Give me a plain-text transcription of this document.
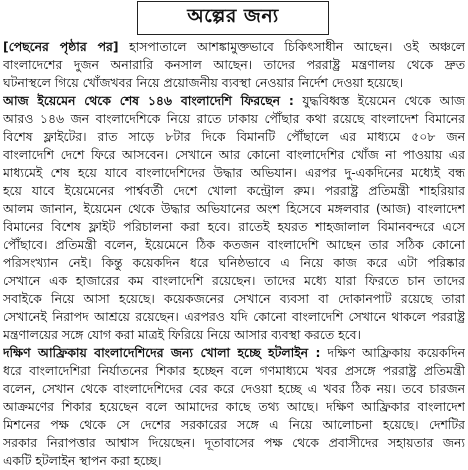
অল্পের জন্য
[পেছনের পৃষ্ঠার পর] হাসপাতালে আশঙ্কামুক্তভাবে চিকিৎসাধীন আছেন। ওই অঞ্চলে
বাংলাদেশের দুজন অনারারি কনসাল আছেন। তাদের পররাষ্ট্র মন্ত্রণালয় থেকে দ্রুত
ঘটনাস্থলে গিয়ে খোঁজখবর নিয়ে প্রয়োজনীয় ব্যবস্থা নেওয়ার নির্দেশ দেওয়া হয়েছে।
আজ ইয়েমেন থেকে শেষ ১৪৬ বাংলাদেশি ফিরছেন : যুদ্ধবিধ্বস্ত ইয়েমেন থেকে আজ
আরও ১৪৬ জন বাংলাদেশিকে নিয়ে রাতে ঢাকায় পৌঁছার কথা রয়েছে বাংলাদেশ বিমানের
বিশেষ ফ্লাইটের। রাত সাড়ে ৮টার দিকে বিমানটি পৌঁছালে এর মাধ্যমে ৫০৮ জন
বাংলাদেশি দেশে ফিরে আসবেন। সেখানে আর কোনো বাংলাদেশির খোঁজ না পাওয়ায় এর
মাধ্যমেই শেষ হয়ে যাবে বাংলাদেশিদের উদ্ধার অভিযান। এরপর দু-একদিনের মধ্যেই বন্ধ
হয়ে যাবে ইয়েমেনের পার্শ্ববর্তী দেশে খোলা কন্ট্রোল রুম। পররাষ্ট্র প্রতিমন্ত্রী শাহরিয়ার
আলম জানান, ইয়েমেন থেকে উদ্ধার অভিযানের অংশ হিসেবে মঙ্গলবার (আজ) বাংলাদেশ
বিমানের বিশেষ ফ্লাইট পরিচালনা করা হবে। রাতেই হযরত শাহজালাল বিমানবন্দরে এসে
পৌঁছাবে। প্রতিমন্ত্রী বলেন, ইয়েমেনে ঠিক কতজন বাংলাদেশি আছেন তার সঠিক কোনো
পরিসংখ্যান নেই। কিন্তু কয়েকদিন ধরে ঘনিষ্ঠভাবে এ নিয়ে কাজ করে এটা পরিষ্কার
সেখানে এক হাজারের কম বাংলাদেশি রয়েছেন। তাদের মধ্যে যারা ফিরতে চান তাদের
সবাইকে নিয়ে আসা হয়েছে। কয়েকজনের সেখানে ব্যবসা বা দোকানপাট রয়েছে তারা
সেখানেই নিরাপদ আশ্রয়ে রয়েছেন। এরপরও যদি কোনো বাংলাদেশি সেখানে থাকলে পররাষ্ট্র
মন্ত্রণালয়ের সঙ্গে যোগ করা মাত্রই ফিরিয়ে নিয়ে আসার ব্যবস্থা করতে হবে।
দক্ষিণ আফ্রিকায় বাংলাদেশিদের জন্য খোলা হচ্ছে হটলাইন : দক্ষিণ আফ্রিকায় কয়েকদিন
ধরে বাংলাদেশিরা নির্যাতনের শিকার হচ্ছেন বলে গণমাধ্যমে খবর প্রসঙ্গে পররাষ্ট্র প্রতিমন্ত্রী
বলেন, সেখান থেকে বাংলাদেশিদের বের করে দেওয়া হচ্ছে এ খবর ঠিক নয়। তবে চারজন
আক্রমণের শিকার হয়েছেন বলে আমাদের কাছে তথ্য আছে। দক্ষিণ আফ্রিকার বাংলাদেশ
মিশনের পক্ষ থেকে সে দেশের সরকারের সঙ্গে এ নিয়ে আলোচনা হয়েছে। দেশটির
সরকার নিরাপত্তার আশ্বাস দিয়েছেন। দূতাবাসের পক্ষ থেকে প্রবাসীদের সহায়তার জন্য
একটি হটলাইন স্থাপন করা হচ্ছে।
